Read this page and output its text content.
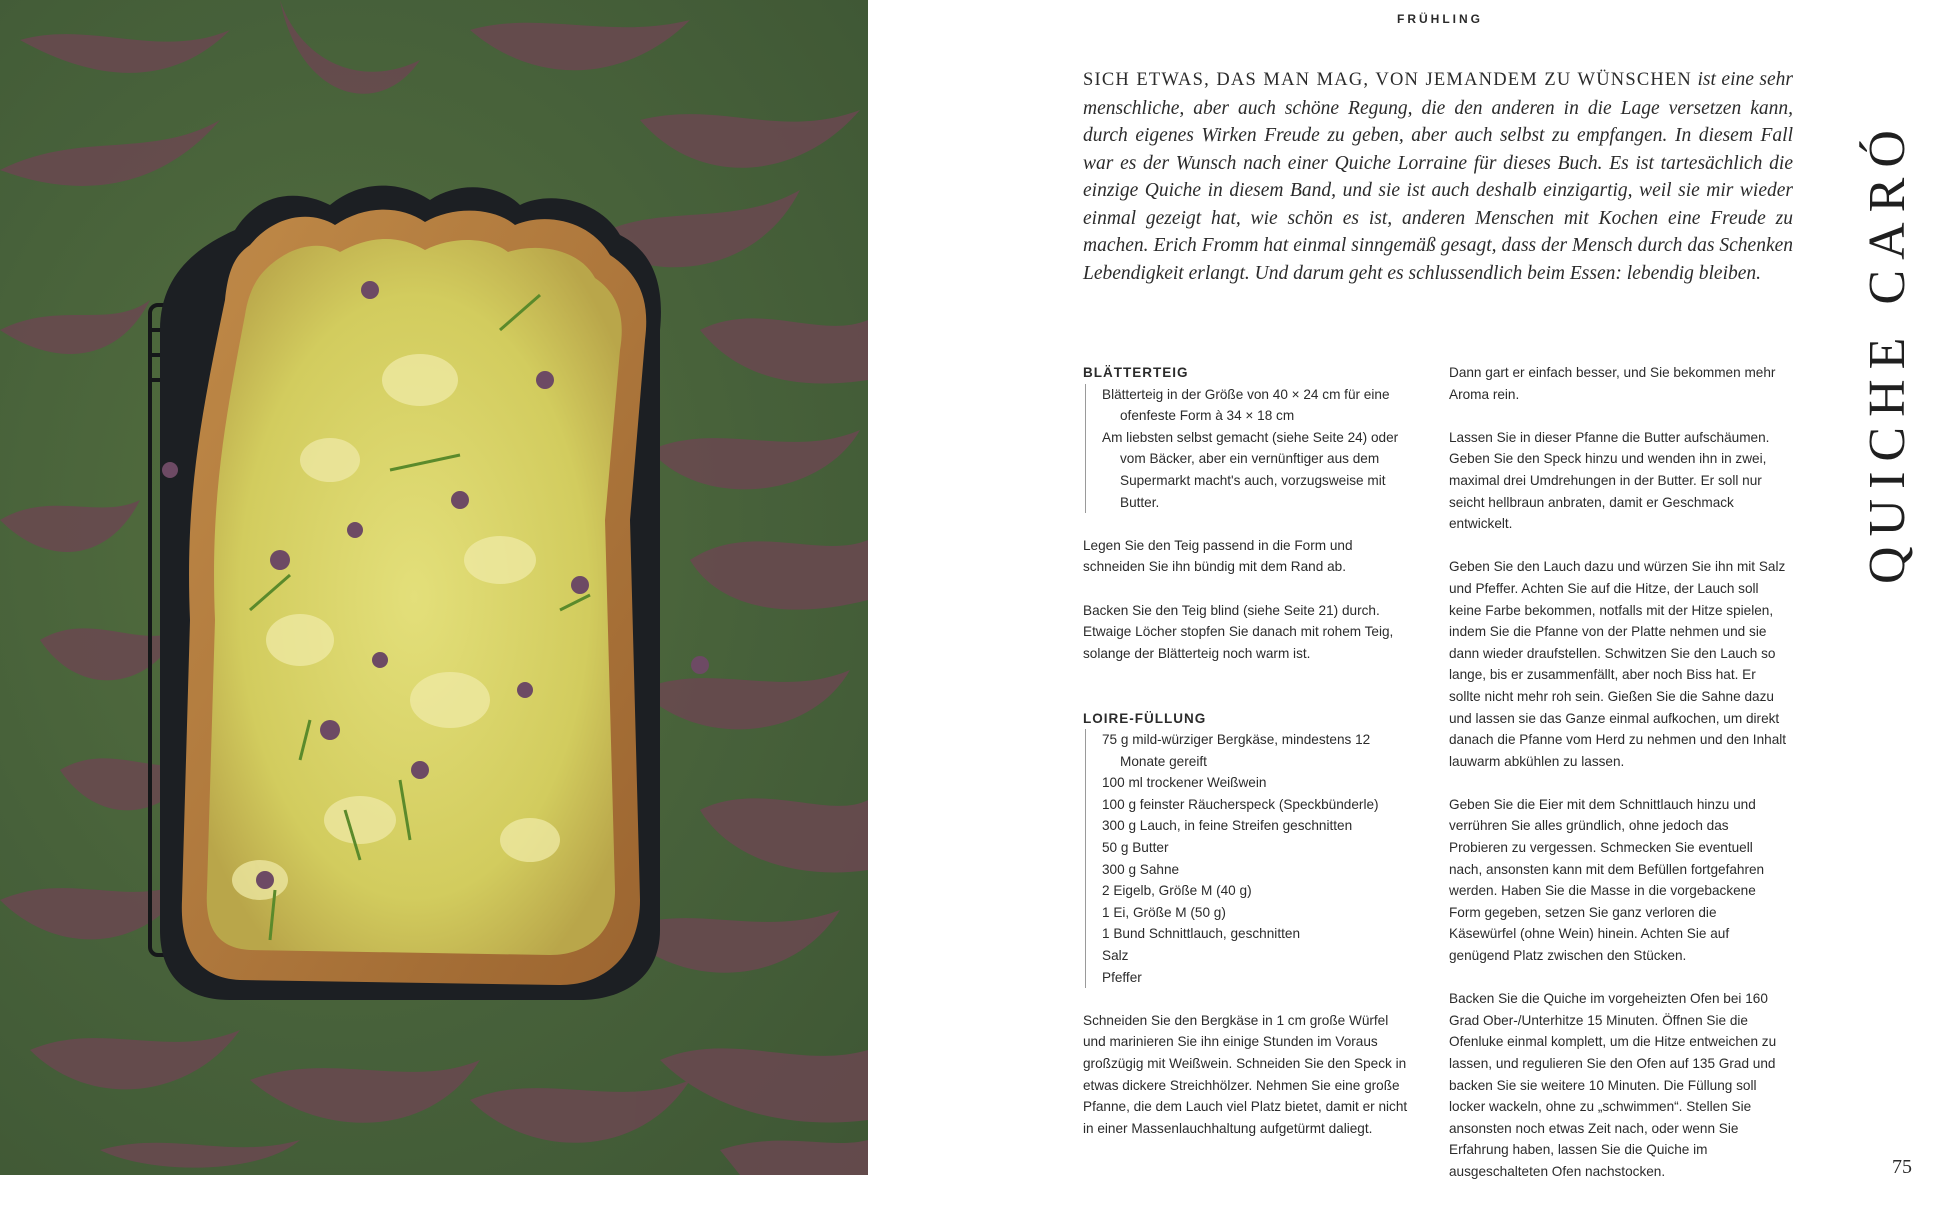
FRÜHLING
SICH ETWAS, DAS MAN MAG, VON JEMANDEM ZU WÜNSCHEN ist eine sehr menschliche, aber auch schöne Regung, die den anderen in die Lage versetzen kann, durch eigenes Wirken Freude zu geben, aber auch selbst zu empfangen. In diesem Fall war es der Wunsch nach einer Quiche Lorraine für dieses Buch. Es ist tartesächlich die einzige Quiche in diesem Band, und sie ist auch deshalb einzigartig, weil sie mir wieder einmal gezeigt hat, wie schön es ist, anderen Menschen mit Kochen eine Freude zu machen. Erich Fromm hat einmal sinngemäß gesagt, dass der Mensch durch das Schenken Lebendigkeit erlangt. Und darum geht es schlussendlich beim Essen: lebendig bleiben.

BLÄTTERTEIG

Blätterteig in der Größe von 40 × 24 cm für eine ofenfeste Form à 34 × 18 cm
Am liebsten selbst gemacht (siehe Seite 24) oder vom Bäcker, aber ein vernünftiger aus dem Supermarkt macht's auch, vorzugsweise mit Butter.

Legen Sie den Teig passend in die Form und schneiden Sie ihn bündig mit dem Rand ab.

Backen Sie den Teig blind (siehe Seite 21) durch. Etwaige Löcher stopfen Sie danach mit rohem Teig, solange der Blätterteig noch warm ist.

LOIRE-FÜLLUNG

75 g mild-würziger Bergkäse, mindestens 12 Monate gereift
100 ml trockener Weißwein
100 g feinster Räucherspeck (Speckbünderle)
300 g Lauch, in feine Streifen geschnitten
50 g Butter
300 g Sahne
2 Eigelb, Größe M (40 g)
1 Ei, Größe M (50 g)
1 Bund Schnittlauch, geschnitten
Salz
Pfeffer

Schneiden Sie den Bergkäse in 1 cm große Würfel und marinieren Sie ihn einige Stunden im Voraus großzügig mit Weißwein. Schneiden Sie den Speck in etwas dickere Streichhölzer. Nehmen Sie eine große Pfanne, die dem Lauch viel Platz bietet, damit er nicht in einer Massenlauchhaltung aufgetürmt daliegt.

Dann gart er einfach besser, und Sie bekommen mehr Aroma rein.

Lassen Sie in dieser Pfanne die Butter aufschäumen. Geben Sie den Speck hinzu und wenden ihn in zwei, maximal drei Umdrehungen in der Butter. Er soll nur seicht hellbraun anbraten, damit er Geschmack entwickelt.

Geben Sie den Lauch dazu und würzen Sie ihn mit Salz und Pfeffer. Achten Sie auf die Hitze, der Lauch soll keine Farbe bekommen, notfalls mit der Hitze spielen, indem Sie die Pfanne von der Platte nehmen und sie dann wieder draufstellen. Schwitzen Sie den Lauch so lange, bis er zusammenfällt, aber noch Biss hat. Er sollte nicht mehr roh sein. Gießen Sie die Sahne dazu und lassen sie das Ganze einmal aufkochen, um direkt danach die Pfanne vom Herd zu nehmen und den Inhalt lauwarm abkühlen zu lassen.

Geben Sie die Eier mit dem Schnittlauch hinzu und verrühren Sie alles gründlich, ohne jedoch das Probieren zu vergessen. Schmecken Sie eventuell nach, ansonsten kann mit dem Befüllen fortgefahren werden. Haben Sie die Masse in die vorgebackene Form gegeben, setzen Sie ganz verloren die Käsewürfel (ohne Wein) hinein. Achten Sie auf genügend Platz zwischen den Stücken.

Backen Sie die Quiche im vorgeheizten Ofen bei 160 Grad Ober-/Unterhitze 15 Minuten. Öffnen Sie die Ofenluke einmal komplett, um die Hitze entweichen zu lassen, und regulieren Sie den Ofen auf 135 Grad und backen Sie sie weitere 10 Minuten. Die Füllung soll locker wackeln, ohne zu „schwimmen“. Stellen Sie ansonsten noch etwas Zeit nach, oder wenn Sie Erfahrung haben, lassen Sie die Quiche im ausgeschalteten Ofen nachstocken.

QUICHE CARÓ
75
